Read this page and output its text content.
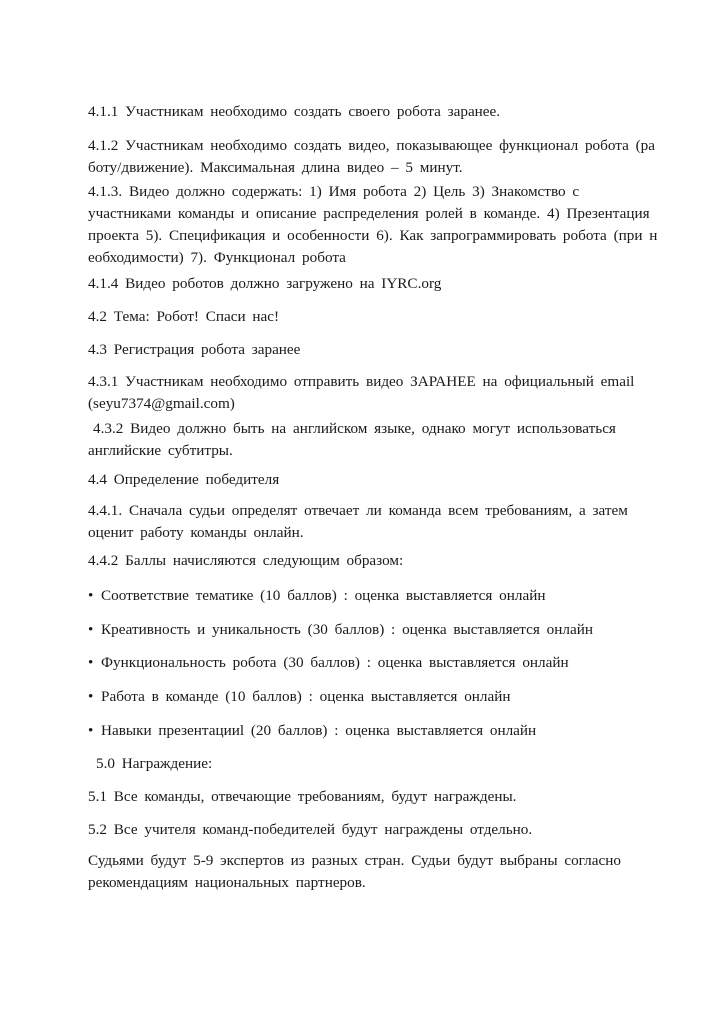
4.1.1 Участникам необходимо создать своего робота заранее.

4.1.2 Участникам необходимо создать видео, показывающее функционал робота (ра
боту/движение). Максимальная длина видео – 5 минут.

4.1.3. Видео должно содержать: 1) Имя робота 2) Цель 3) Знакомство с
участниками команды и описание распределения ролей в команде. 4) Презентация
проекта 5). Спецификация и особенности 6). Как запрограммировать робота (при н
еобходимости) 7). Функционал робота

4.1.4 Видео роботов должно загружено на IYRC.org

4.2 Тема: Робот! Спаси нас!

4.3 Регистрация робота заранее

4.3.1 Участникам необходимо отправить видео ЗАРАНЕЕ на официальный email
(seyu7374@gmail.com)

4.3.2 Видео должно быть на английском языке, однако могут использоваться
английские субтитры.

4.4 Определение победителя

4.4.1. Сначала судьи определят отвечает ли команда всем требованиям, а затем
оценит работу команды онлайн.

4.4.2 Баллы начисляются следующим образом:

• Соответствие тематике (10 баллов) : оценка выставляется онлайн

• Креативность и уникальность (30 баллов) : оценка выставляется онлайн

• Функциональность робота (30 баллов) : оценка выставляется онлайн

• Работа в команде (10 баллов) : оценка выставляется онлайн

• Навыки презентацииl (20 баллов) : оценка выставляется онлайн

5.0 Награждение:

5.1 Все команды, отвечающие требованиям, будут награждены.

5.2 Все учителя команд-победителей будут награждены отдельно.

Судьями будут 5-9 экспертов из разных стран. Судьи будут выбраны согласно
рекомендациям национальных партнеров.
